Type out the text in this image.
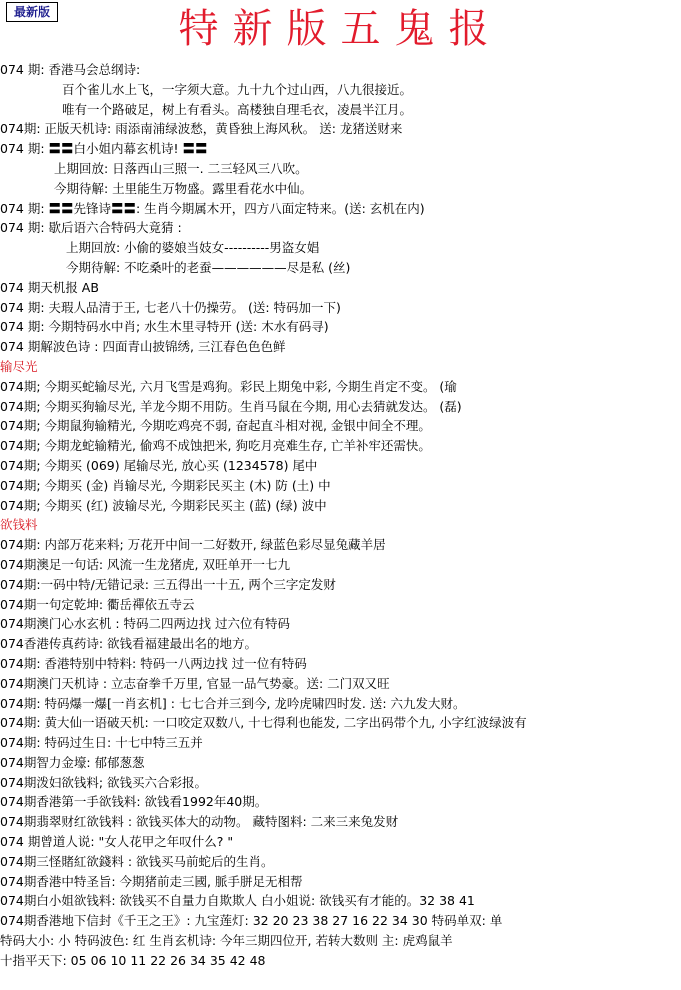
最新版	特新版五鬼报
074 期: 香港马会总纲诗:
百个雀儿水上飞，一字须大意。九十九个过山西，八九很接近。
唯有一个路破足，树上有看头。高楼独自理毛衣，凌晨半江月。
074期: 正版天机诗: 雨添南浦绿波愁，黄昏独上海风秋。 送: 龙猪送财来
074 期: 〓〓白小姐内幕玄机诗! 〓〓
上期回放: 日落西山三照一. 二三轻风三八吹。
今期待解: 土里能生万物盛。露里看花水中仙。
074 期: 〓〓先锋诗〓〓: 生肖今期属木开，四方八面定特来。(送: 玄机在内)
074 期: 歇后语六合特码大竟猜 :
上期回放: 小偷的婆娘当妓女----------男盗女娼
今期待解: 不吃桑叶的老蚕——————尽是私 (丝)
074 期天机报 AB
074 期: 夫瑕人品清于王, 七老八十仍操劳。 (送: 特码加一下)
074 期: 今期特码水中肖; 水生木里寻特开 (送: 木水有码寻)
074 期解波色诗 : 四面青山披锦绣, 三江春色色色鲜
输尽光
074期; 今期买蛇输尽光, 六月飞雪是鸡狗。彩民上期兔中彩, 今期生肖定不变。 (瑜
074期; 今期买狗输尽光, 羊龙今期不用防。生肖马鼠在今期, 用心去猜就发达。 (磊)
074期; 今期鼠狗输精光, 今期吃鸡亮不弱, 奋起直斗相对视, 金银中间全不理。
074期; 今期龙蛇输精光, 偷鸡不成蚀把米, 狗吃月亮难生存, 亡羊补牢还需快。
074期; 今期买 (069) 尾输尽光, 放心买 (1234578) 尾中
074期; 今期买 (金) 肖输尽光, 今期彩民买主 (木) 防 (土) 中
074期; 今期买 (红) 波输尽光, 今期彩民买主 (蓝) (绿) 波中
欲钱料
074期: 内部万花来料; 万花开中间一二好数开, 绿蓝色彩尽显兔藏羊居
074期澳足一句话: 风流一生龙猪虎, 双旺单开一七九
074期:一码中特/无错记录: 三五得出一十五, 两个三字定发财
074期一句定乾坤: 衢岳禪依五寺云
074期澳门心水玄机 : 特码二四两边找 过六位有特码
074香港传真药诗: 欲钱看福建最出名的地方。
074期: 香港特别中特料: 特码一八两边找 过一位有特码
074期澳门天机诗 : 立志奋拳千万里, 官显一品气势豪。送: 二门双又旺
074期: 特码爆一爆[一肖玄机] : 七七合并三到今, 龙吟虎啸四时发. 送: 六九发大财。
074期: 黄大仙一语破天机: 一口咬定双数八, 十七得利也能发, 二字出码带个九, 小字红波绿波有
074期: 特码过生日: 十七中特三五并
074期智力金壕: 郁郁葱葱
074期泼妇欲钱料; 欲钱买六合彩报。
074期香港第一手欲钱料: 欲钱看1992年40期。
074期翡翠财红欲钱料 : 欲钱买体大的动物。 藏特图料: 二来三来兔发财
074 期曾道人说: "女人花甲之年叹什么? "
074期三怪賭紅欲錢料 : 欲钱买马前蛇后的生肖。
074期香港中特圣旨: 今期猪前走三國, 脈手胼足无相帮
074期白小姐欲钱料: 欲钱买不自量力自欺欺人 白小姐说: 欲钱买有才能的。32 38 41
074期香港地下信封《千王之王》: 九宝莲灯: 32 20 23 38 27 16 22 34 30 特码单双: 单
特码大小: 小 特码波色: 红 生肖玄机诗: 今年三期四位开, 若转大数则 主: 虎鸡鼠羊
十指平天下: 05 06 10 11 22 26 34 35 42 48
